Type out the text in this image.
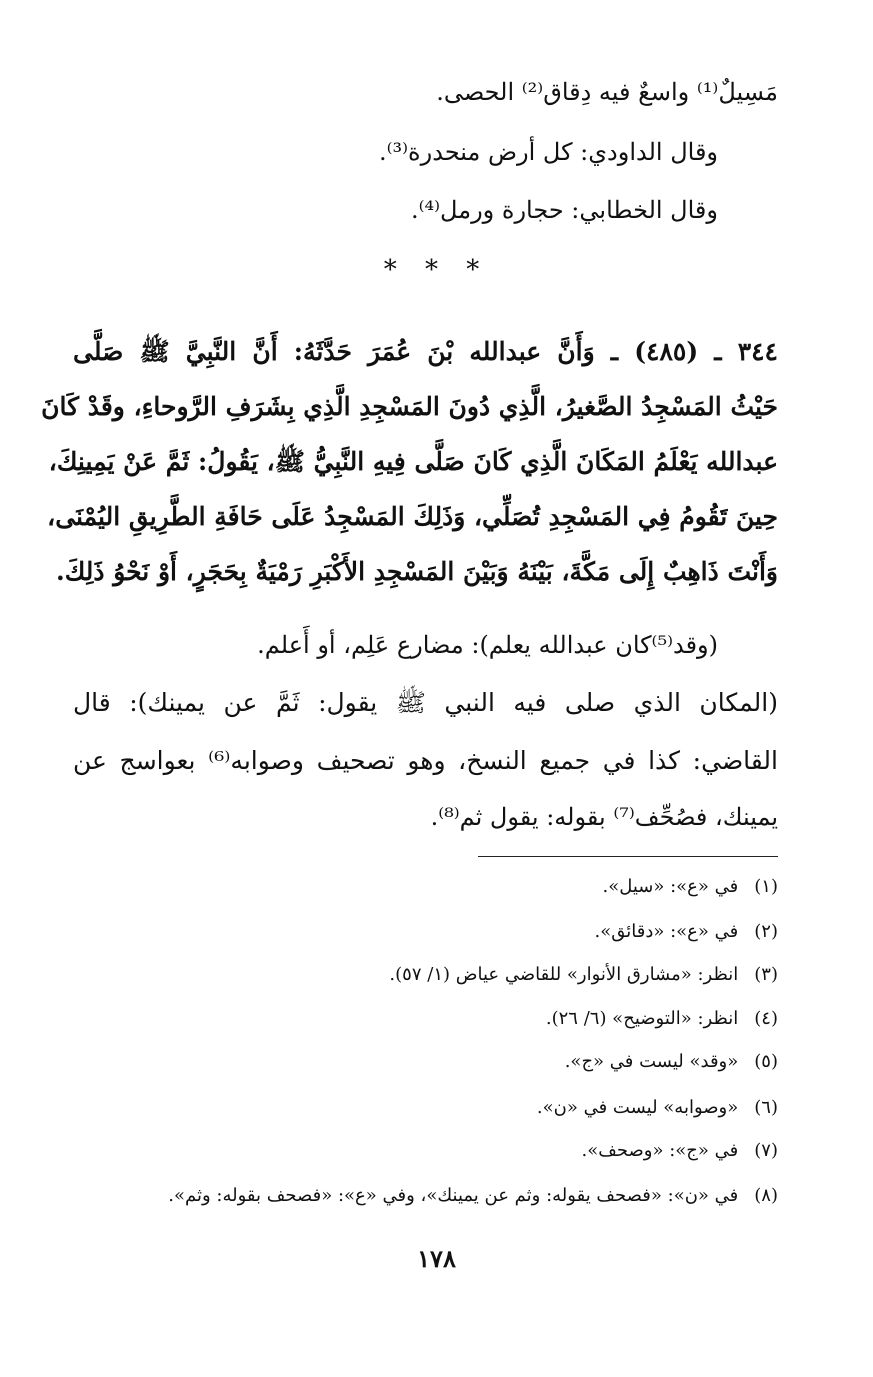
مَسِيلٌ⁽¹⁾ واسعٌ فيه دِقاق⁽²⁾ الحصى.
وقال الداودي: كل أرض منحدرة⁽³⁾.
وقال الخطابي: حجارة ورمل⁽⁴⁾.
* * *
٣٤٤ ـ (٤٨٥) ـ وَأَنَّ عبدالله بْنَ عُمَرَ حَدَّثَهُ: أَنَّ النَّبِيَّ ﷺ صَلَّى
حَيْثُ المَسْجِدُ الصَّغيرُ، الَّذِي دُونَ المَسْجِدِ الَّذِي بِشَرَفِ الرَّوحاءِ، وقَدْ كَانَ
عبدالله يَعْلَمُ المَكَانَ الَّذِي كَانَ صَلَّى فِيهِ النَّبِيُّ ﷺ، يَقُولُ: ثَمَّ عَنْ يَمِينِكَ،
حِينَ تَقُومُ فِي المَسْجِدِ تُصَلِّي، وَذَلِكَ المَسْجِدُ عَلَى حَافَةِ الطَّرِيقِ اليُمْنَى،
وَأَنْتَ ذَاهِبٌ إِلَى مَكَّةَ، بَيْنَهُ وَبَيْنَ المَسْجِدِ الأَكْبَرِ رَمْيَةٌ بِحَجَرٍ، أَوْ نَحْوُ ذَلِكَ.
(وقد⁽⁵⁾كان عبدالله يعلم): مضارع عَلِم، أو أَعلم.
(المكان الذي صلى فيه النبي ﷺ يقول: ثَمَّ عن يمينك): قال
القاضي: كذا في جميع النسخ، وهو تصحيف وصوابه⁽⁶⁾ بعواسج عن
يمينك، فصُحِّف⁽⁷⁾ بقوله: يقول ثم⁽⁸⁾.
(١) في «ع»: «سيل».
(٢) في «ع»: «دقائق».
(٣) انظر: «مشارق الأنوار» للقاضي عياض (١/ ٥٧).
(٤) انظر: «التوضيح» (٦/ ٢٦).
(٥) «وقد» ليست في «ج».
(٦) «وصوابه» ليست في «ن».
(٧) في «ج»: «وصحف».
(٨) في «ن»: «فصحف يقوله: وثم عن يمينك»، وفي «ع»: «فصحف بقوله: وثم».
١٧٨
